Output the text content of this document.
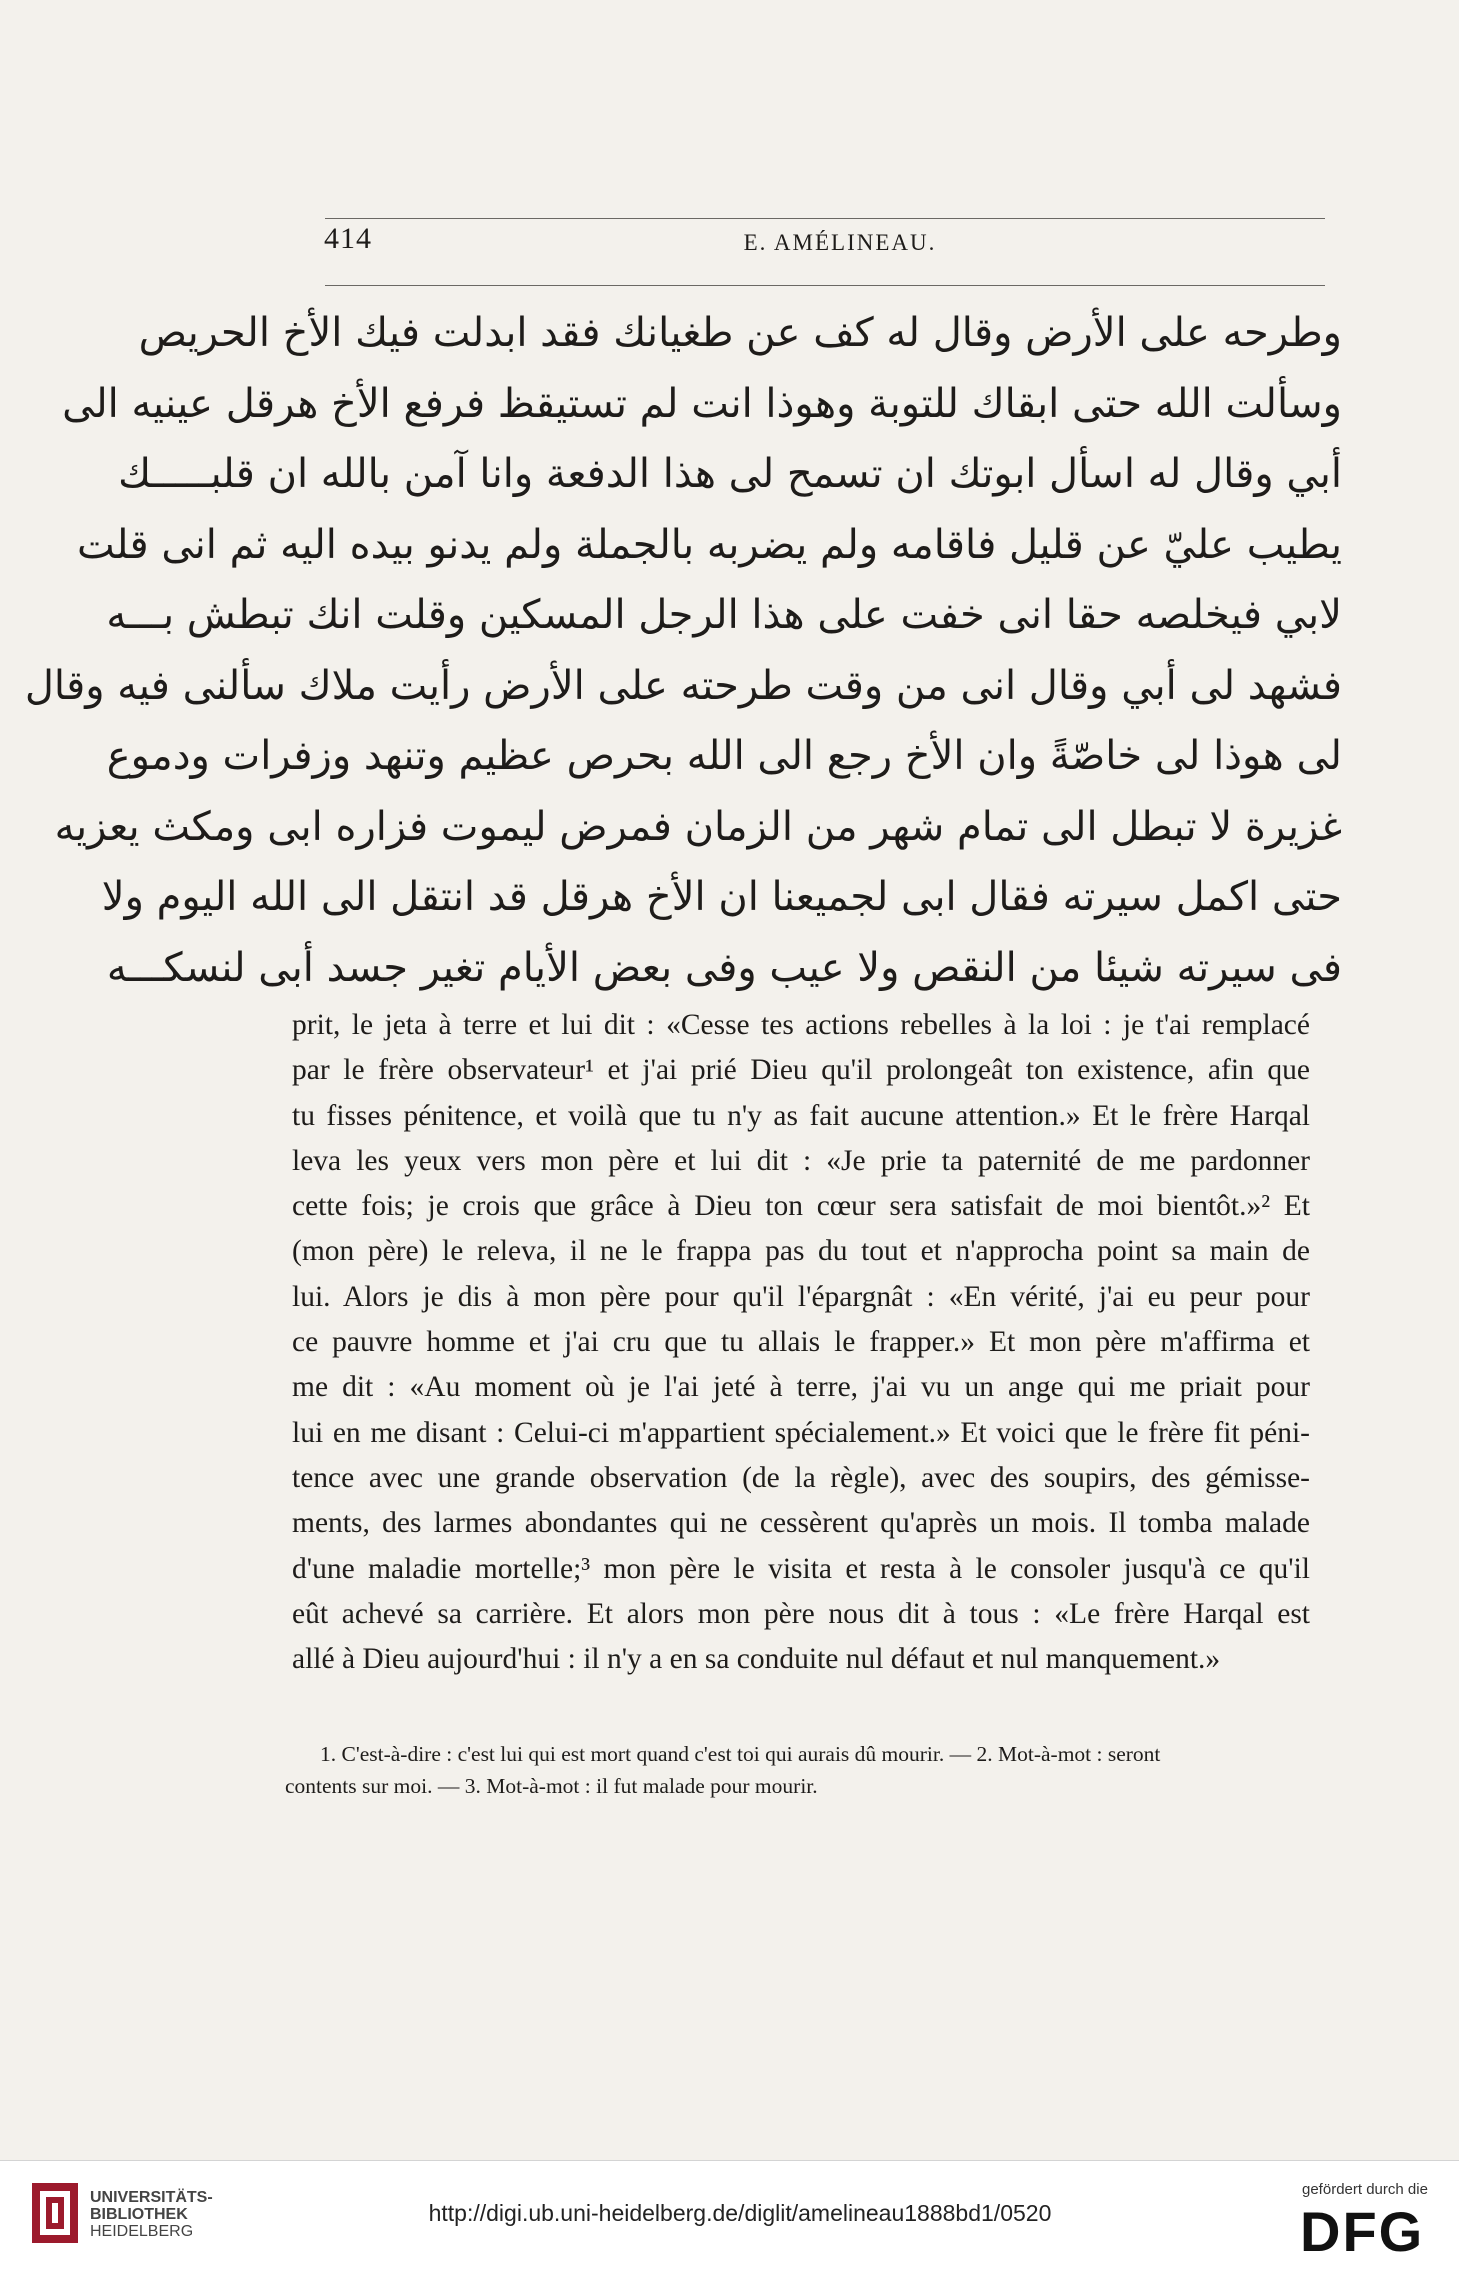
414	E. AMÉLINEAU.
وطرحه على الأرض وقال له كف عن طغيانك فقد ابدلت فيك الأخ الحريص
وسألت الله حتى ابقاك للتوبة وهوذا انت لم تستيقظ فرفع الأخ هرقل عينيه الى
أبي وقال له اسأل ابوتك ان تسمح لى هذا الدفعة وانا آمن بالله ان قلبـــــك
يطيب عليّ عن قليل فاقامه ولم يضربه بالجملة ولم يدنو بيده اليه ثم انى قلت
لابي فيخلصه حقا انى خفت على هذا الرجل المسكين وقلت انك تبطش بـــه
فشهد لى أبي وقال انى من وقت طرحته على الأرض رأيت ملاك سألنى فيه وقال
لى هوذا لى خاصّةً وان الأخ رجع الى الله بحرص عظيم وتنهد وزفرات ودموع
غزيرة لا تبطل الى تمام شهر من الزمان فمرض ليموت فزاره ابى ومكث يعزيه
حتى اكمل سيرته فقال ابى لجميعنا ان الأخ هرقل قد انتقل الى الله اليوم ولا
فى سيرته شيئا من النقص ولا عيب وفى بعض الأيام تغير جسد أبى لنسكـــه
prit, le jeta à terre et lui dit : «Cesse tes actions rebelles à la loi : je t'ai remplacé
par le frère observateur¹ et j'ai prié Dieu qu'il prolongeât ton existence, afin que
tu fisses pénitence, et voilà que tu n'y as fait aucune attention.» Et le frère Harqal
leva les yeux vers mon père et lui dit : «Je prie ta paternité de me pardonner
cette fois; je crois que grâce à Dieu ton cœur sera satisfait de moi bientôt.»² Et
(mon père) le releva, il ne le frappa pas du tout et n'approcha point sa main de
lui. Alors je dis à mon père pour qu'il l'épargnât : «En vérité, j'ai eu peur pour
ce pauvre homme et j'ai cru que tu allais le frapper.» Et mon père m'affirma et
me dit : «Au moment où je l'ai jeté à terre, j'ai vu un ange qui me priait pour
lui en me disant : Celui-ci m'appartient spécialement.» Et voici que le frère fit péni-
tence avec une grande observation (de la règle), avec des soupirs, des gémisse-
ments, des larmes abondantes qui ne cessèrent qu'après un mois. Il tomba malade
d'une maladie mortelle;³ mon père le visita et resta à le consoler jusqu'à ce qu'il
eût achevé sa carrière. Et alors mon père nous dit à tous : «Le frère Harqal est
allé à Dieu aujourd'hui : il n'y a en sa conduite nul défaut et nul manquement.»
1. C'est-à-dire : c'est lui qui est mort quand c'est toi qui aurais dû mourir. — 2. Mot-à-mot : seront
contents sur moi. — 3. Mot-à-mot : il fut malade pour mourir.
UNIVERSITÄTS-
BIBLIOTHEK
HEIDELBERG
http://digi.ub.uni-heidelberg.de/diglit/amelineau1888bd1/0520
gefördert durch die
DFG
